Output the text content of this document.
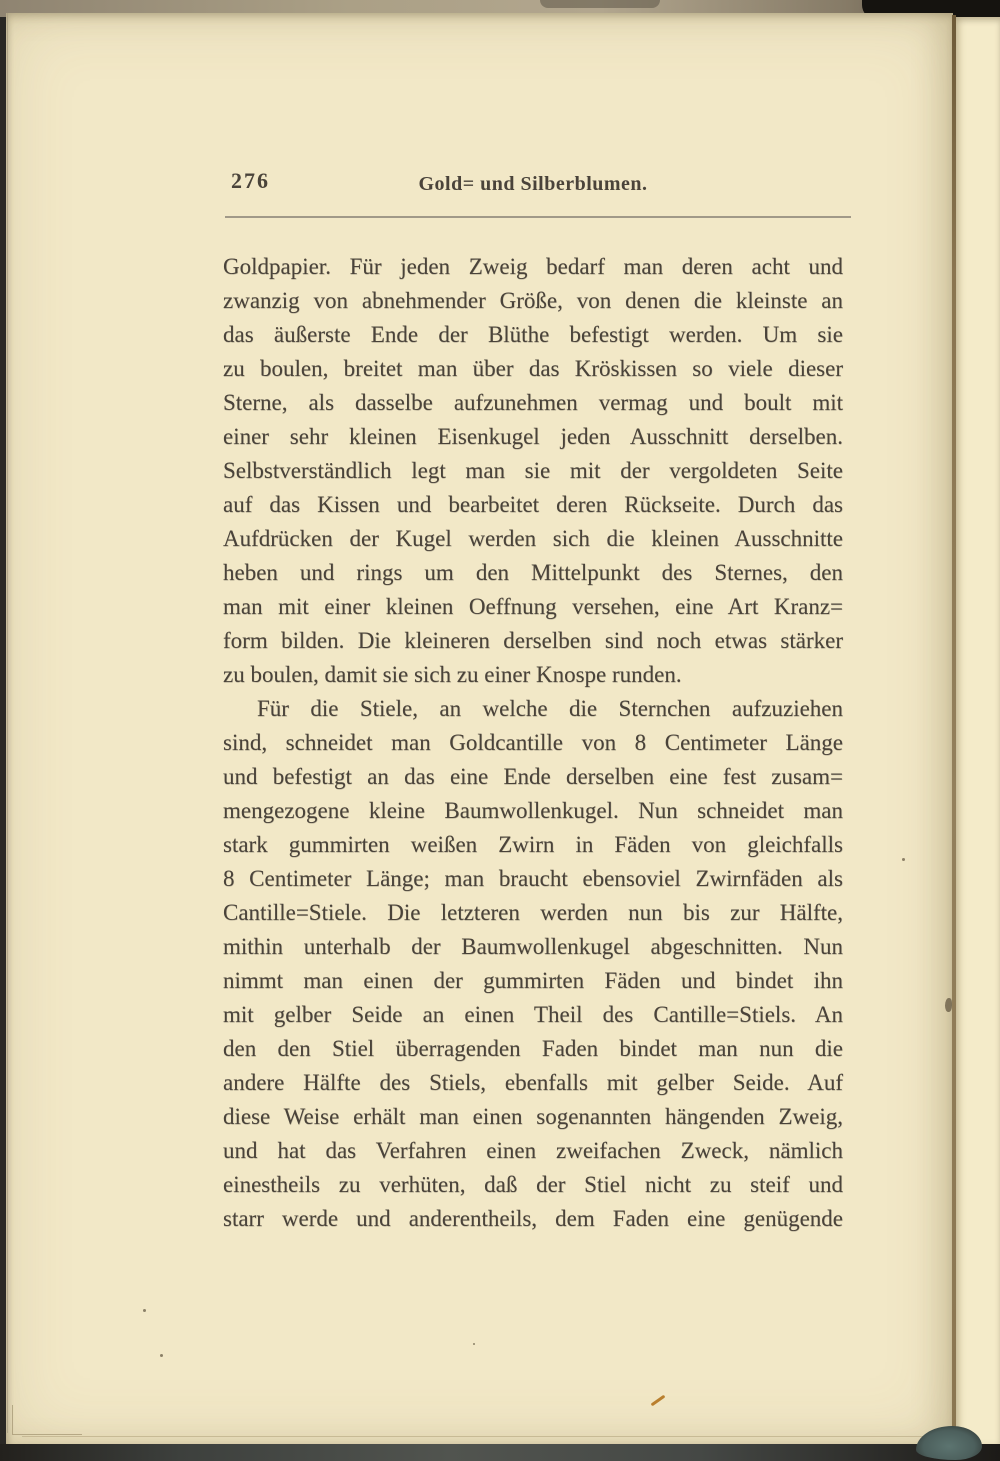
276	Gold= und Silberblumen.
Goldpapier. Für jeden Zweig bedarf man deren acht und
zwanzig von abnehmender Größe, von denen die kleinste an
das äußerste Ende der Blüthe befestigt werden. Um sie
zu boulen, breitet man über das Kröskissen so viele dieser
Sterne, als dasselbe aufzunehmen vermag und boult mit
einer sehr kleinen Eisenkugel jeden Ausschnitt derselben.
Selbstverständlich legt man sie mit der vergoldeten Seite
auf das Kissen und bearbeitet deren Rückseite. Durch das
Aufdrücken der Kugel werden sich die kleinen Ausschnitte
heben und rings um den Mittelpunkt des Sternes, den
man mit einer kleinen Oeffnung versehen, eine Art Kranz=
form bilden. Die kleineren derselben sind noch etwas stärker
zu boulen, damit sie sich zu einer Knospe runden.
Für die Stiele, an welche die Sternchen aufzuziehen
sind, schneidet man Goldcantille von 8 Centimeter Länge
und befestigt an das eine Ende derselben eine fest zusam=
mengezogene kleine Baumwollenkugel. Nun schneidet man
stark gummirten weißen Zwirn in Fäden von gleichfalls
8 Centimeter Länge; man braucht ebensoviel Zwirnfäden als
Cantille=Stiele. Die letzteren werden nun bis zur Hälfte,
mithin unterhalb der Baumwollenkugel abgeschnitten. Nun
nimmt man einen der gummirten Fäden und bindet ihn
mit gelber Seide an einen Theil des Cantille=Stiels. An
den den Stiel überragenden Faden bindet man nun die
andere Hälfte des Stiels, ebenfalls mit gelber Seide. Auf
diese Weise erhält man einen sogenannten hängenden Zweig,
und hat das Verfahren einen zweifachen Zweck, nämlich
einestheils zu verhüten, daß der Stiel nicht zu steif und
starr werde und anderentheils, dem Faden eine genügende
